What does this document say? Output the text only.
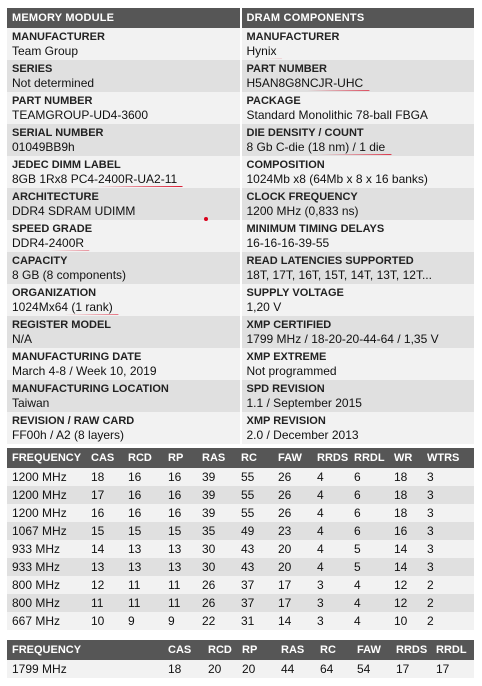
MEMORY MODULE
MANUFACTURER
Team Group
SERIES
Not determined
PART NUMBER
TEAMGROUP-UD4-3600
SERIAL NUMBER
01049BB9h
JEDEC DIMM LABEL
8GB 1Rx8 PC4-2400R-UA2-11
ARCHITECTURE
DDR4 SDRAM UDIMM
SPEED GRADE
DDR4-2400R
CAPACITY
8 GB (8 components)
ORGANIZATION
1024Mx64 (1 rank)
REGISTER MODEL
N/A
MANUFACTURING DATE
March 4-8 / Week 10, 2019
MANUFACTURING LOCATION
Taiwan
REVISION / RAW CARD
FF00h / A2 (8 layers)
DRAM COMPONENTS
MANUFACTURER
Hynix
PART NUMBER
H5AN8G8NCJR-UHC
PACKAGE
Standard Monolithic 78-ball FBGA
DIE DENSITY / COUNT
8 Gb C-die (18 nm) / 1 die
COMPOSITION
1024Mb x8 (64Mb x 8 x 16 banks)
CLOCK FREQUENCY
1200 MHz (0,833 ns)
MINIMUM TIMING DELAYS
16-16-16-39-55
READ LATENCIES SUPPORTED
18T, 17T, 16T, 15T, 14T, 13T, 12T...
SUPPLY VOLTAGE
1,20 V
XMP CERTIFIED
1799 MHz / 18-20-20-44-64 / 1,35 V
XMP EXTREME
Not programmed
SPD REVISION
1.1 / September 2015
XMP REVISION
2.0 / December 2013
FREQUENCY	CAS	RCD	RP	RAS	RC	FAW	RRDS	RRDL	WR	WTRS
1200 MHz	18	16	16	39	55	26	4	6	18	3
1200 MHz	17	16	16	39	55	26	4	6	18	3
1200 MHz	16	16	16	39	55	26	4	6	18	3
1067 MHz	15	15	15	35	49	23	4	6	16	3
933 MHz	14	13	13	30	43	20	4	5	14	3
933 MHz	13	13	13	30	43	20	4	5	14	3
800 MHz	12	11	11	26	37	17	3	4	12	2
800 MHz	11	11	11	26	37	17	3	4	12	2
667 MHz	10	9	9	22	31	14	3	4	10	2
FREQUENCY		CAS	RCD	RP	RAS	RC	FAW	RRDS	RRDL
1799 MHz		18	20	20	44	64	54	17	17
